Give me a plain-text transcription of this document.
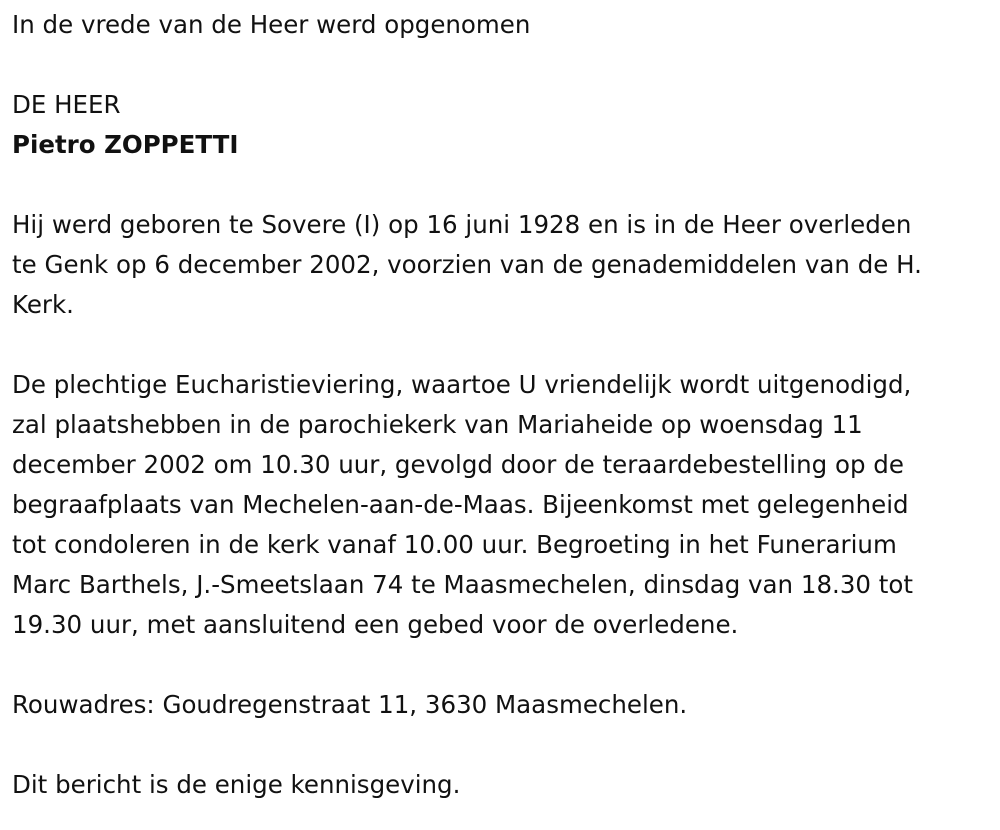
In de vrede van de Heer werd opgenomen
DE HEER
Pietro ZOPPETTI

Hij werd geboren te Sovere (I) op 16 juni 1928 en is in de Heer overleden
te Genk op 6 december 2002, voorzien van de genademiddelen van de H.
Kerk.

De plechtige Eucharistieviering, waartoe U vriendelijk wordt uitgenodigd,
zal plaatshebben in de parochiekerk van Mariaheide op woensdag 11
december 2002 om 10.30 uur, gevolgd door de teraardebestelling op de
begraafplaats van Mechelen-aan-de-Maas. Bijeenkomst met gelegenheid
tot condoleren in de kerk vanaf 10.00 uur. Begroeting in het Funerarium
Marc Barthels, J.-Smeetslaan 74 te Maasmechelen, dinsdag van 18.30 tot
19.30 uur, met aansluitend een gebed voor de overledene.

Rouwadres: Goudregenstraat 11, 3630 Maasmechelen.
Dit bericht is de enige kennisgeving.
